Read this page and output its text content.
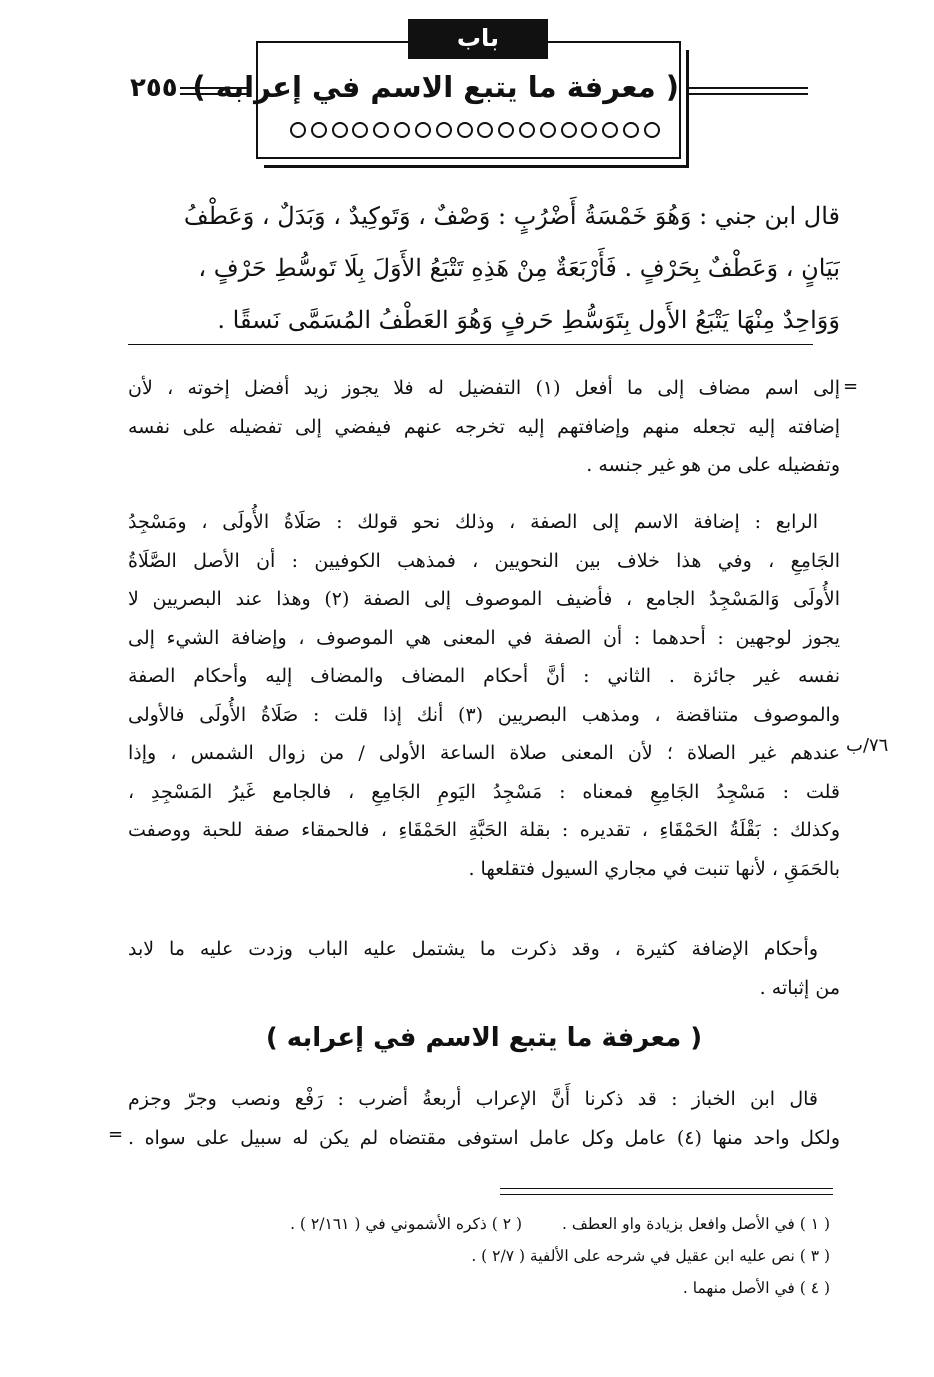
٢٥٥
باب
( معرفة ما يتبع الاسم في إعرابه )
قال ابن جني : وَهُوَ خَمْسَةُ أَضْرُبٍ : وَصْفٌ ، وَتَوكِيدٌ ، وَبَدَلٌ ، وَعَطْفُ
بَيَانٍ ، وَعَطْفٌ بِحَرْفٍ . فَأَرْبَعَةٌ مِنْ هَذِهِ تَتْبَعُ الأَوَلَ بِلَا تَوسُّطِ حَرْفٍ ،
وَوَاحِدٌ مِنْهَا يَتْبَعُ الأَول بِتَوَسُّطِ حَرفٍ وَهُوَ العَطْفُ المُسَمَّى نَسقًا .
=
إلى اسم مضاف إلى ما أفعل (١) التفضيل له فلا يجوز زيد أفضل إخوته ، لأن
إضافته إليه تجعله منهم وإضافتهم إليه تخرجه عنهم فيفضي إلى تفضيله على نفسه
وتفضيله على من هو غير جنسه .
الرابع : إضافة الاسم إلى الصفة ، وذلك نحو قولك : صَلَاةُ الأُولَى ، ومَسْجِدُ
الجَامِعِ ، وفي هذا خلاف بين النحويين ، فمذهب الكوفيين : أن الأصل الصَّلَاةُ
الأُولَى وَالمَسْجِدُ الجامع ، فأضيف الموصوف إلى الصفة (٢) وهذا عند البصريين لا
يجوز لوجهين : أحدهما : أن الصفة في المعنى هي الموصوف ، وإضافة الشيء إلى
نفسه غير جائزة . الثاني : أنَّ أحكام المضاف والمضاف إليه وأحكام الصفة
والموصوف متناقضة ، ومذهب البصريين (٣) أنك إذا قلت : صَلَاةُ الأُولَى فالأولى
عندهم غير الصلاة ؛ لأن المعنى صلاة الساعة الأولى / من زوال الشمس ، وإذا
قلت : مَسْجِدُ الجَامِعِ فمعناه : مَسْجِدُ اليَومِ الجَامِعِ ، فالجامع غَيرُ المَسْجِدِ ،
وكذلك : بَقْلَةُ الحَمْقَاءِ ، تقديره : بقلة الحَبَّةِ الحَمْقَاءِ ، فالحمقاء صفة للحبة ووصفت
بالحَمَقِ ، لأنها تنبت في مجاري السيول فتقلعها .
٧٦/ب
وأحكام الإضافة كثيرة ، وقد ذكرت ما يشتمل عليه الباب وزدت عليه ما لابد
من إثباته .
( معرفة ما يتبع الاسم في إعرابه )
قال ابن الخباز : قد ذكرنا أَنَّ الإعراب أربعةُ أضرب : رَفْع ونصب وجرّ وجزم
ولكل واحد منها (٤) عامل وكل عامل استوفى مقتضاه لم يكن له سبيل على سواه .
=
( ١ ) في الأصل وافعل بزيادة واو العطف .
( ٢ ) ذكره الأشموني في ( ٢/١٦١ ) .
( ٣ ) نص عليه ابن عقيل في شرحه على الألفية ( ٢/٧ ) .
( ٤ ) في الأصل منهما .
